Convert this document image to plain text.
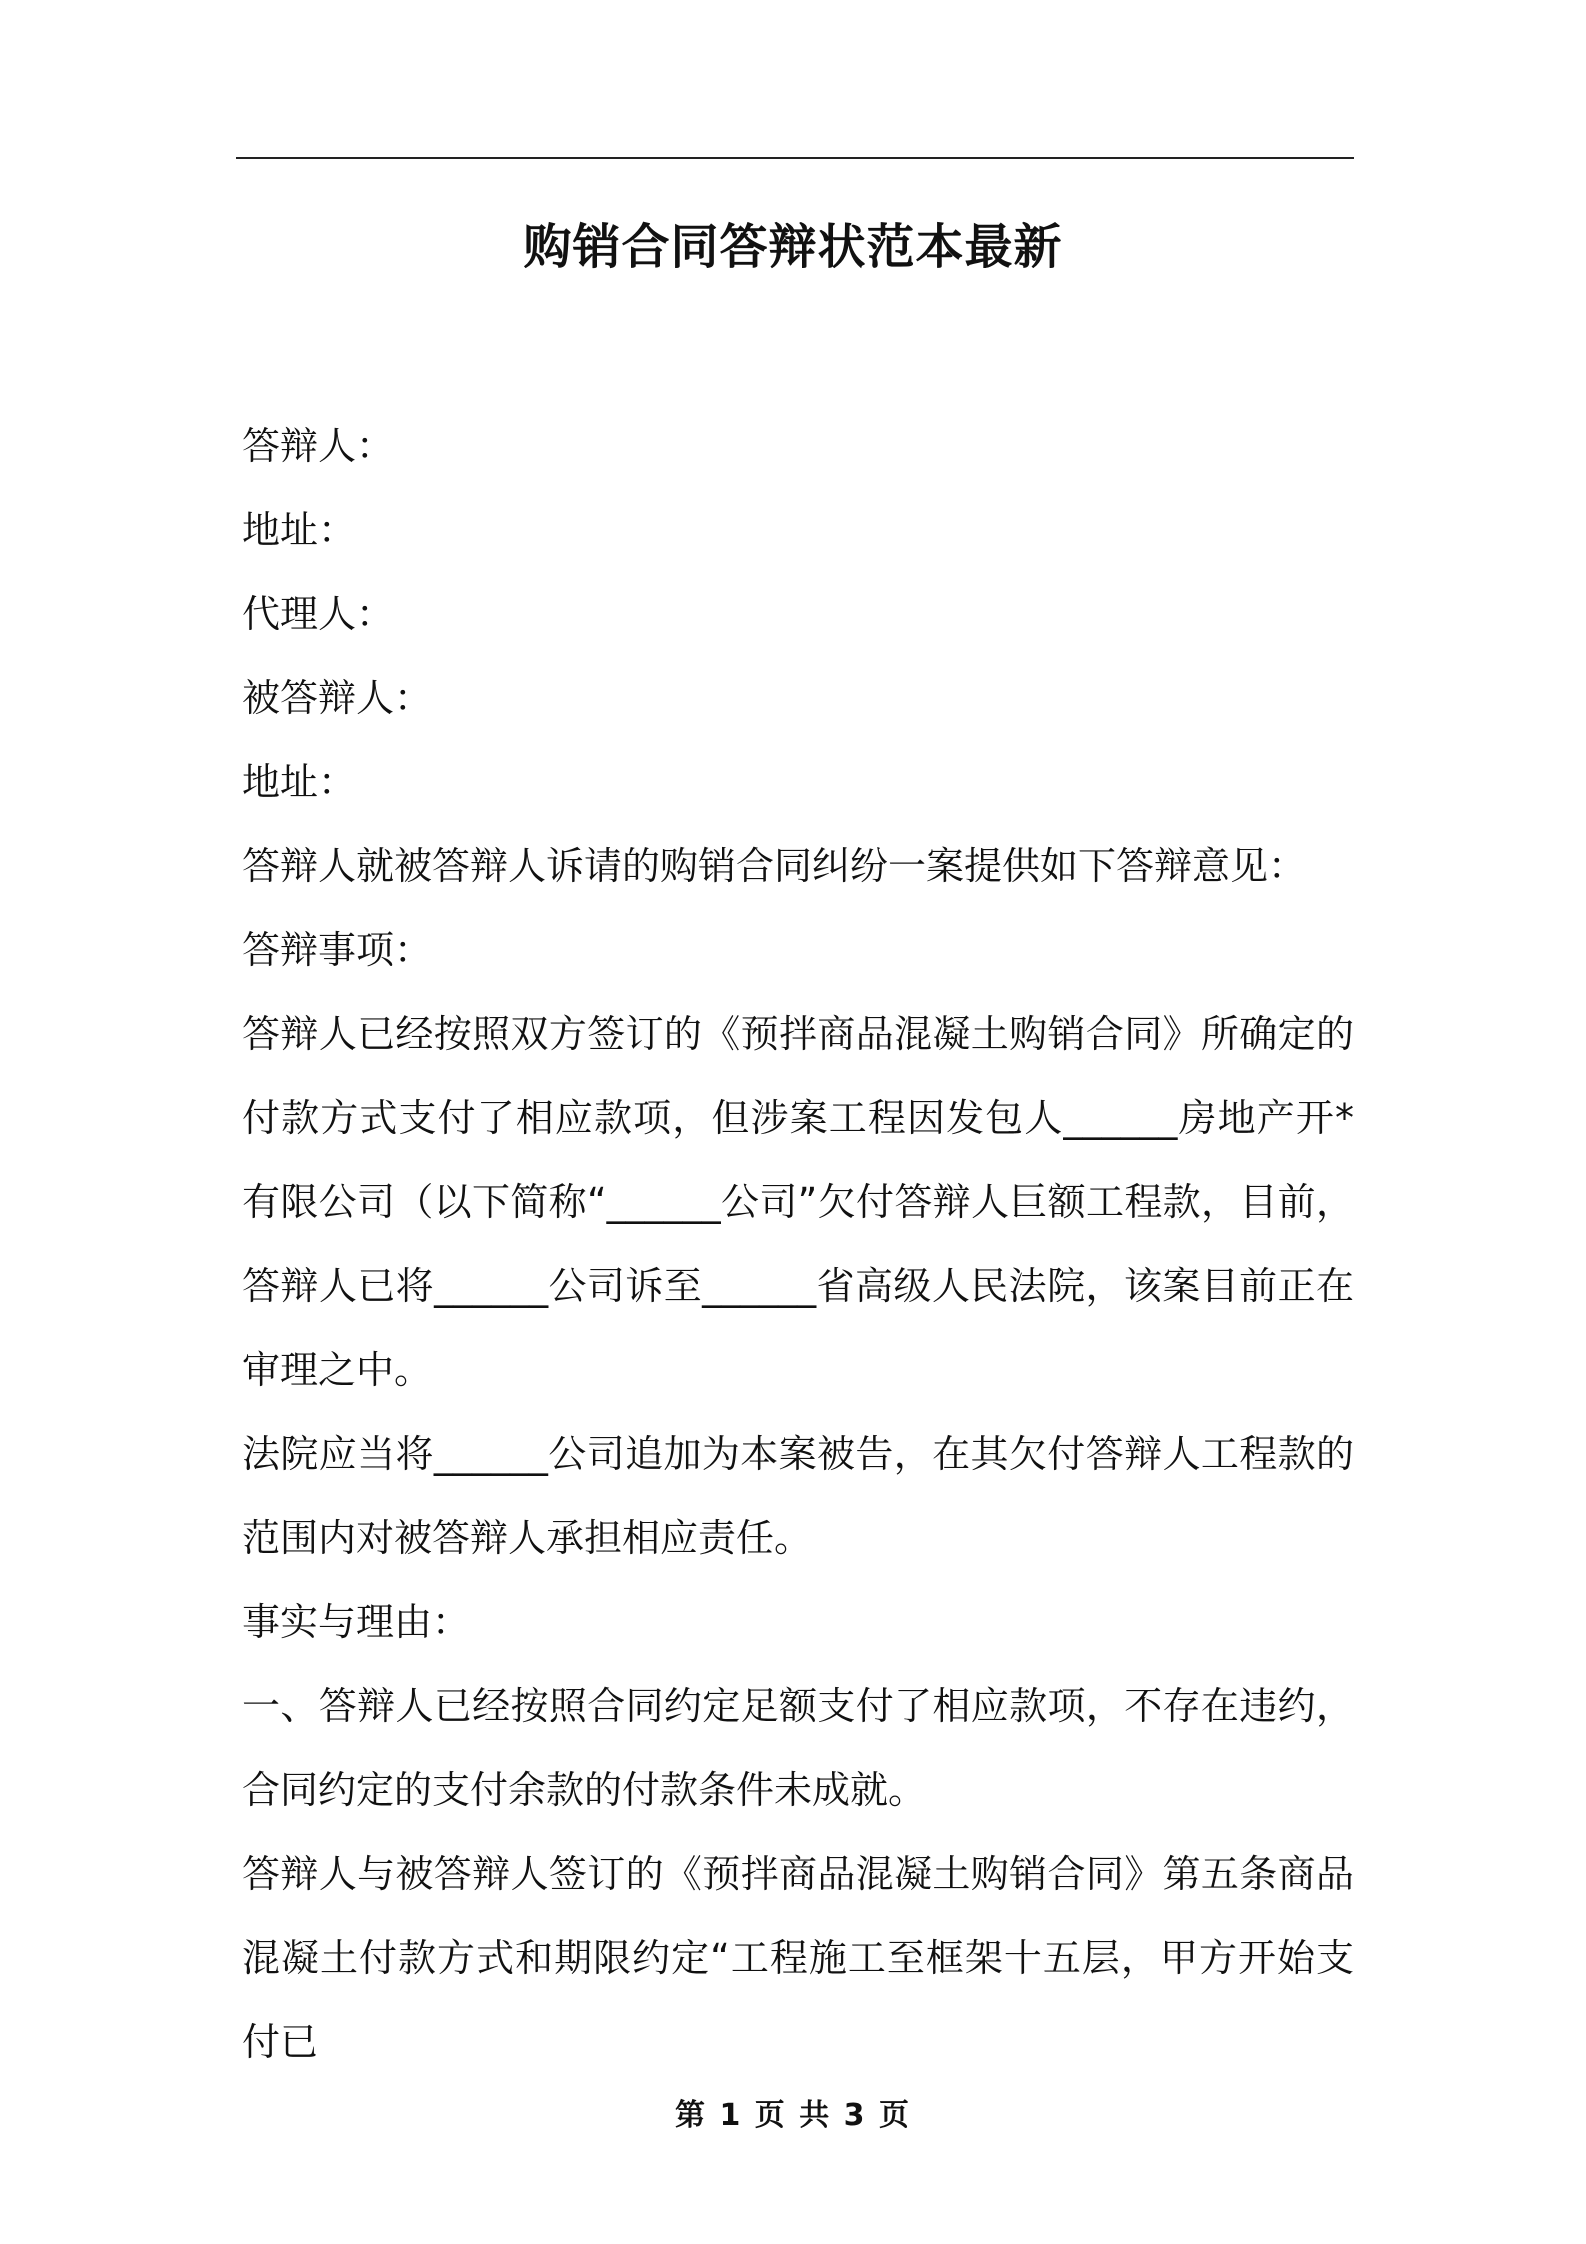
购销合同答辩状范本最新

答辩人：

地址：

代理人：

被答辩人：

地址：

答辩人就被答辩人诉请的购销合同纠纷一案提供如下答辩意见：

答辩事项：

答辩人已经按照双方签订的《预拌商品混凝土购销合同》所确定的付款方式支付了相应款项，但涉案工程因发包人______房地产开*有限公司（以下简称“______公司”欠付答辩人巨额工程款，目前，答辩人已将______公司诉至______省高级人民法院，该案目前正在审理之中。

法院应当将______公司追加为本案被告，在其欠付答辩人工程款的范围内对被答辩人承担相应责任。

事实与理由：

一、答辩人已经按照合同约定足额支付了相应款项，不存在违约，合同约定的支付余款的付款条件未成就。

答辩人与被答辩人签订的《预拌商品混凝土购销合同》第五条商品混凝土付款方式和期限约定“工程施工至框架十五层，甲方开始支付已

第 1 页 共 3 页
